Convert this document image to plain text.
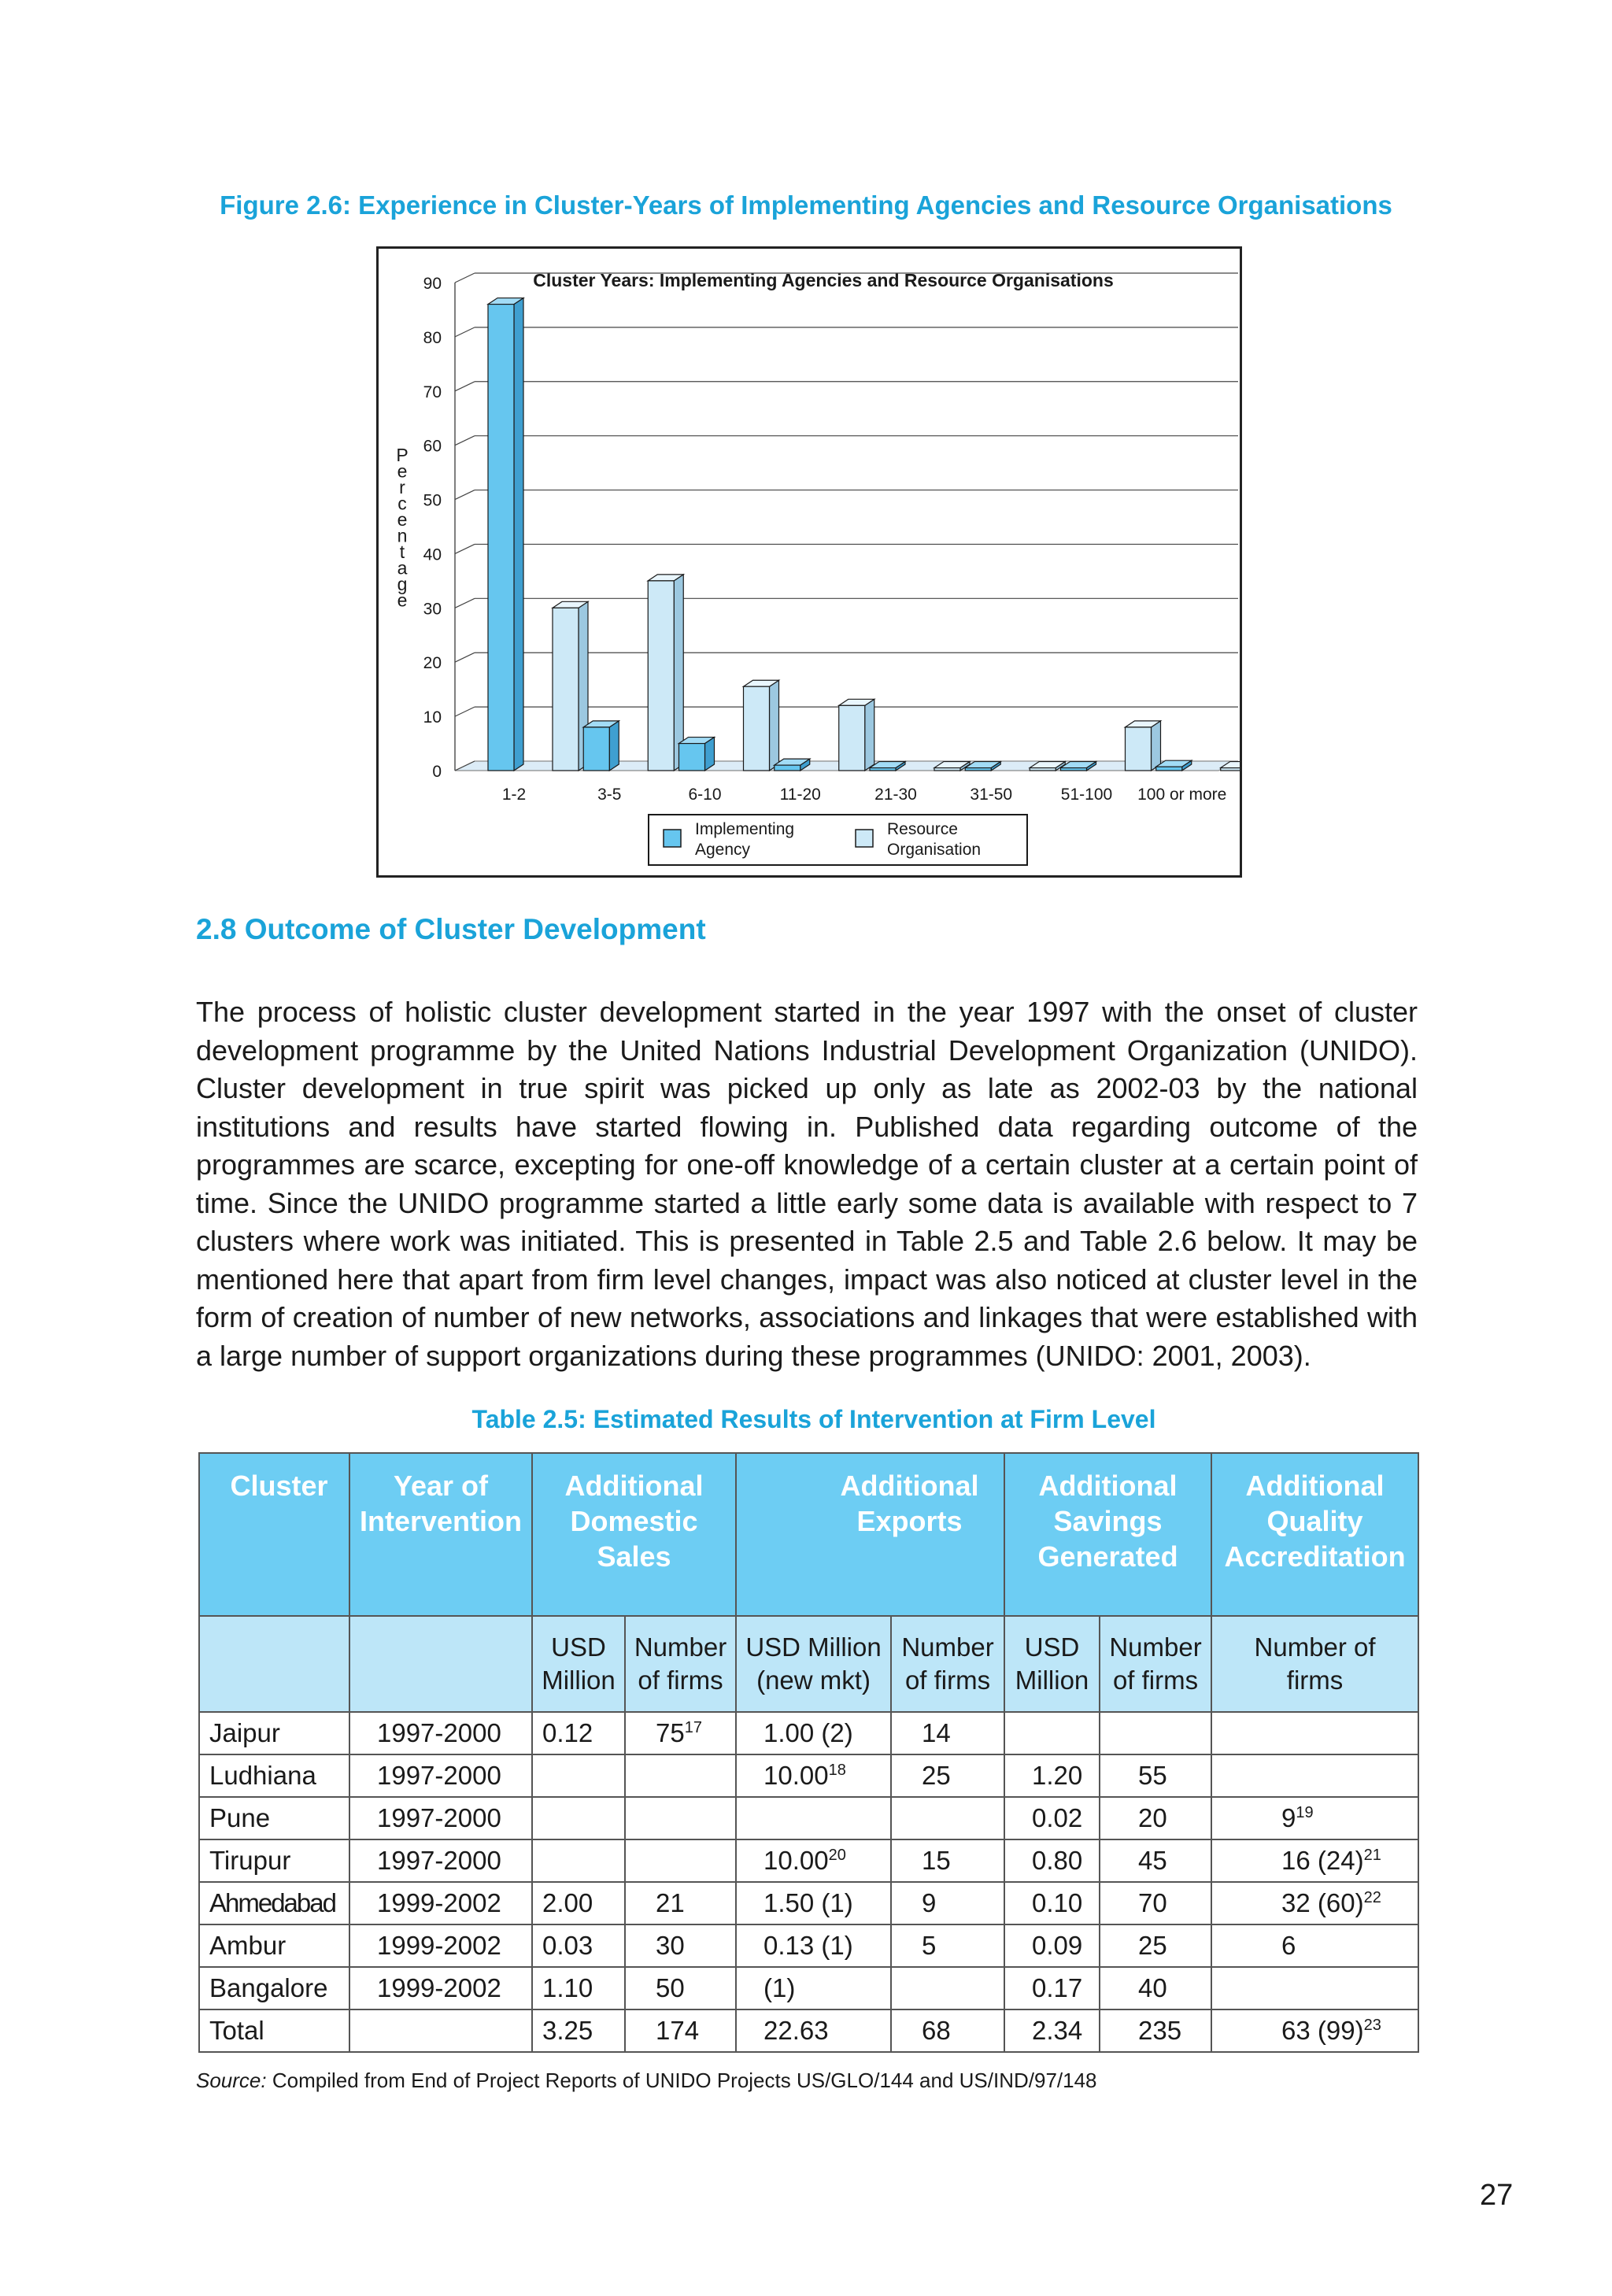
Figure 2.6: Experience in Cluster-Years of Implementing Agencies and Resource Organisations
Cluster Years: Implementing Agencies and Resource Organisations
0
10
20
30
40
50
60
70
80
90
P
e
r
c
e
n
t
a
g
e
1-2	3-5	6-10	11-20	21-30	31-50	51-100 100 or more
Implementing
Agency
Resource
Organisation
2.8 Outcome of Cluster Development

The process of holistic cluster development started in the year 1997 with the onset of cluster development programme by the United Nations Industrial Development Organization (UNIDO). Cluster development in true spirit was picked up only as late as 2002-03 by the national institutions and results have started flowing in. Published data regarding outcome of the programmes are scarce, excepting for one-off knowledge of a certain cluster at a certain point of time. Since the UNIDO programme started a little early some data is available with respect to 7 clusters where work was initiated. This is presented in Table 2.5 and Table 2.6 below. It may be mentioned here that apart from firm level changes, impact was also noticed at cluster level in the form of creation of number of new networks, associations and linkages that were established with a large number of support organizations during these programmes (UNIDO: 2001, 2003).

Table 2.5: Estimated Results of Intervention at Firm Level
Cluster	Year of Intervention	Additional Domestic Sales		Additional Exports		Additional Savings Generated		Additional Quality Accreditation
		USD Million	Number of firms	USD Million (new mkt)	Number of firms	USD Million	Number of firms	Number of firms
Jaipur	1997-2000	0.12	$75^{17}$	1.00 (2)	14			
Ludhiana	1997-2000			10.00$^{18}$	25	1.20	55	
Pune	1997-2000					0.02	20	$9^{19}$
Tirupur	1997-2000			10.00$^{20}$	15	0.80	45	16 $(24)^{21}$
Ahmedabad	1999-2002	2.00	21	1.50 (1)	9	0.10	70	32 $(60)^{22}$
Ambur	1999-2002	0.03	30	0.13 (1)	5	0.09	25	6
Bangalore	1999-2002	1.10	50	(1)		0.17	40	
Total		3.25	174	22.63	68	2.34	235	63 $(99)^{23}$
Source: Compiled from End of Project Reports of UNIDO Projects US/GLO/144 and US/IND/97/148
27
